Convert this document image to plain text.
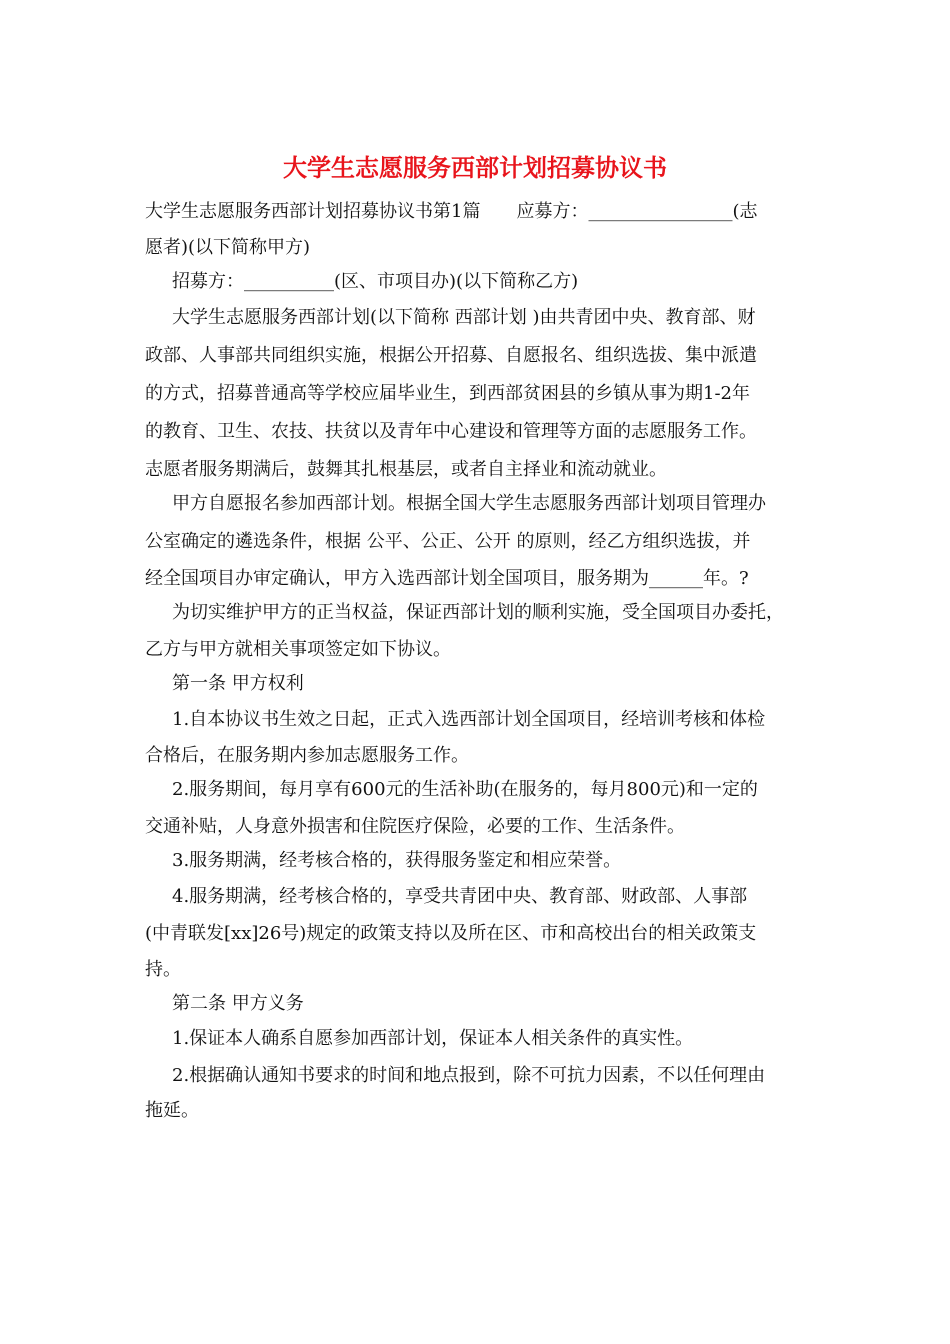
大学生志愿服务西部计划招募协议书
大学生志愿服务西部计划招募协议书第1篇　　应募方：________________(志
愿者)(以下简称甲方)
招募方：__________(区、市项目办)(以下简称乙方)
大学生志愿服务西部计划(以下简称 西部计划 )由共青团中央、教育部、财
政部、人事部共同组织实施，根据公开招募、自愿报名、组织选拔、集中派遣
的方式，招募普通高等学校应届毕业生，到西部贫困县的乡镇从事为期1-2年
的教育、卫生、农技、扶贫以及青年中心建设和管理等方面的志愿服务工作。
志愿者服务期满后，鼓舞其扎根基层，或者自主择业和流动就业。
甲方自愿报名参加西部计划。根据全国大学生志愿服务西部计划项目管理办
公室确定的遴选条件，根据 公平、公正、公开 的原则，经乙方组织选拔，并
经全国项目办审定确认，甲方入选西部计划全国项目，服务期为______年。?
为切实维护甲方的正当权益，保证西部计划的顺利实施，受全国项目办委托，
乙方与甲方就相关事项签定如下协议。
第一条 甲方权利
1.自本协议书生效之日起，正式入选西部计划全国项目，经培训考核和体检
合格后，在服务期内参加志愿服务工作。
2.服务期间，每月享有600元的生活补助(在服务的，每月800元)和一定的
交通补贴，人身意外损害和住院医疗保险，必要的工作、生活条件。
3.服务期满，经考核合格的，获得服务鉴定和相应荣誉。
4.服务期满，经考核合格的，享受共青团中央、教育部、财政部、人事部
(中青联发[xx]26号)规定的政策支持以及所在区、市和高校出台的相关政策支
持。
第二条 甲方义务
1.保证本人确系自愿参加西部计划，保证本人相关条件的真实性。
2.根据确认通知书要求的时间和地点报到，除不可抗力因素，不以任何理由
拖延。
